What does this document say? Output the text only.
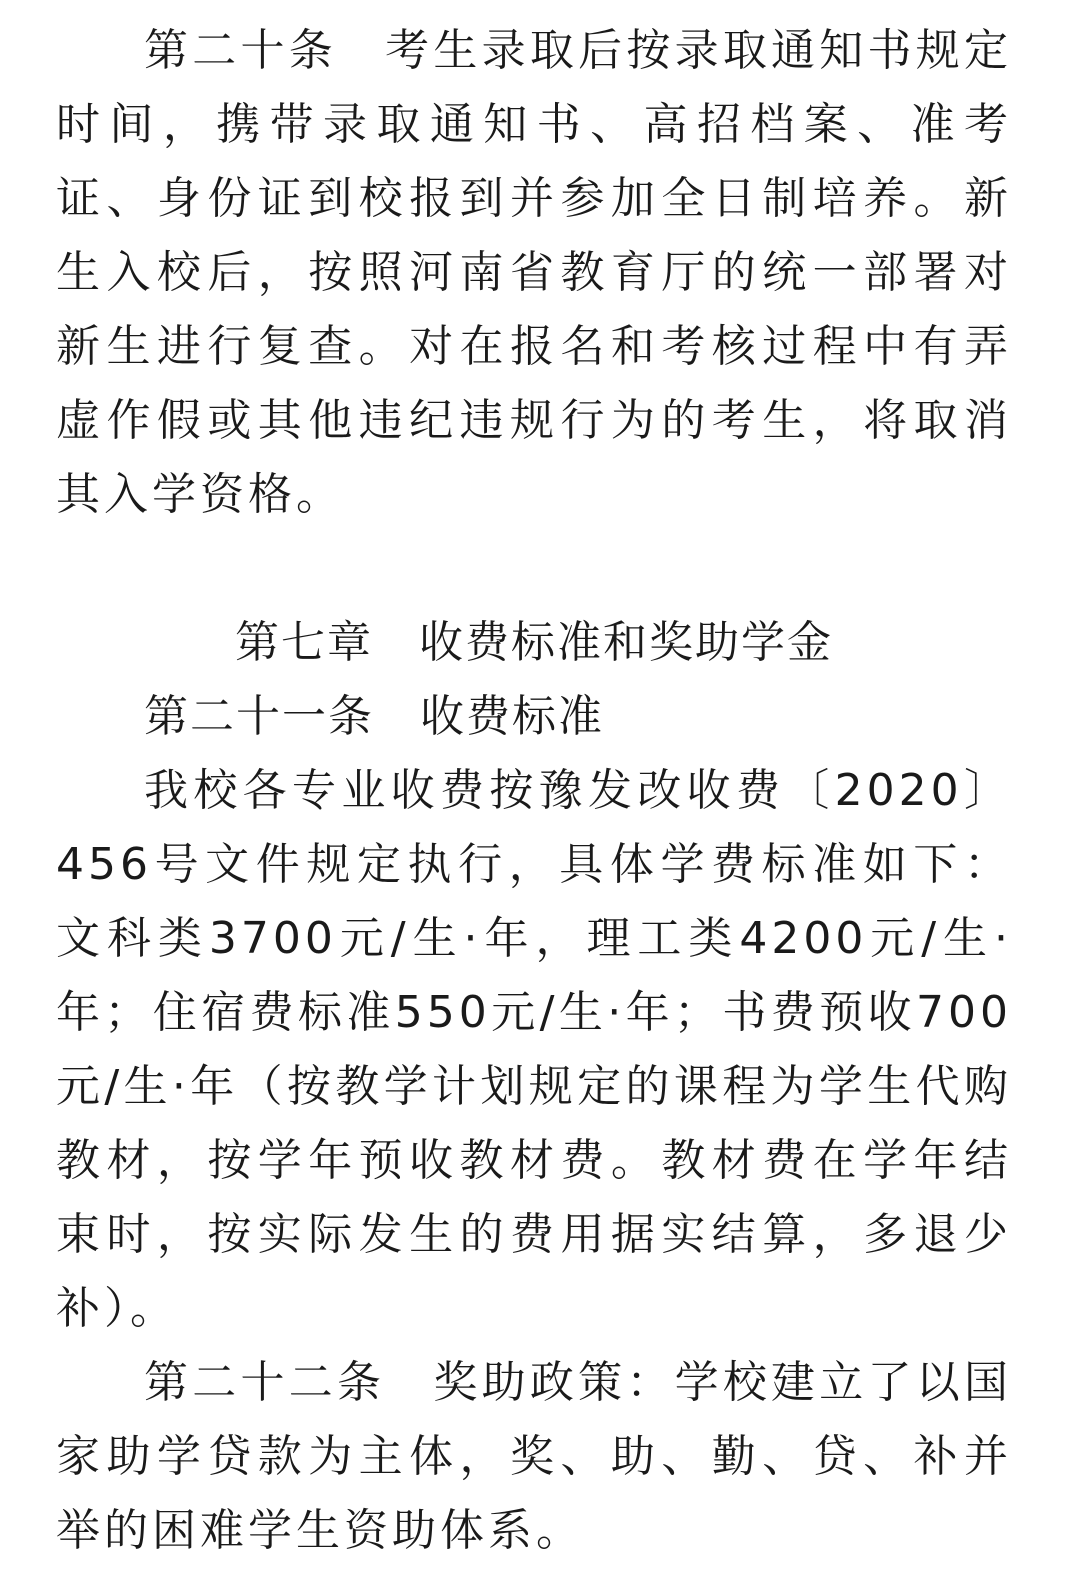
第二十条　考生录取后按录取通知书规定时间，携带录取通知书、高招档案、准考证、身份证到校报到并参加全日制培养。新生入校后，按照河南省教育厅的统一部署对新生进行复查。对在报名和考核过程中有弄虚作假或其他违纪违规行为的考生，将取消其入学资格。

第七章　收费标准和奖助学金

第二十一条　收费标准

我校各专业收费按豫发改收费〔2020〕456号文件规定执行，具体学费标准如下：文科类3700元/生·年，理工类4200元/生·年；住宿费标准550元/生·年；书费预收700元/生·年（按教学计划规定的课程为学生代购教材，按学年预收教材费。教材费在学年结束时，按实际发生的费用据实结算，多退少补）。

第二十二条　奖助政策：学校建立了以国家助学贷款为主体，奖、助、勤、贷、补并举的困难学生资助体系。
